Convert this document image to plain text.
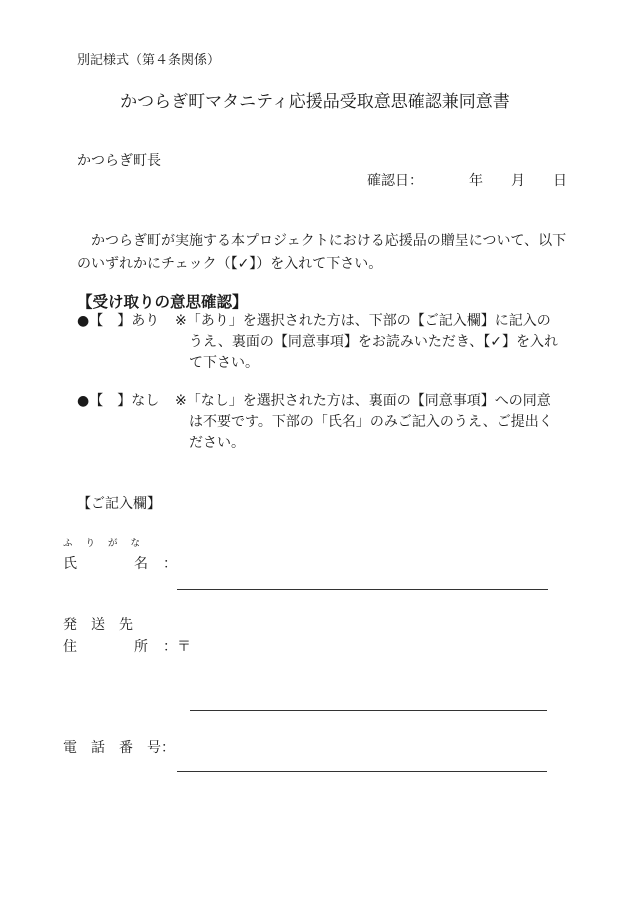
別記様式（第４条関係）
かつらぎ町マタニティ応援品受取意思確認兼同意書
かつらぎ町長
確認日：	年 月 日
かつらぎ町が実施する本プロジェクトにおける応援品の贈呈について、以下のいずれかにチェック（【✓】）を入れて下さい。
【受け取りの意思確認】
●【　】あり ※「あり」を選択された方は、下部の【ご記入欄】に記入の
うえ、裏面の【同意事項】をお読みいただき、【✓】を入れて下さい。
●【　】なし ※「なし」を選択された方は、裏面の【同意事項】への同意
は不要です。下部の「氏名」のみご記入のうえ、ご提出ください。
【ご記入欄】
ふりがな
氏	名 ：
発　送　先
住	所 ：〒
電　話　番　号：
